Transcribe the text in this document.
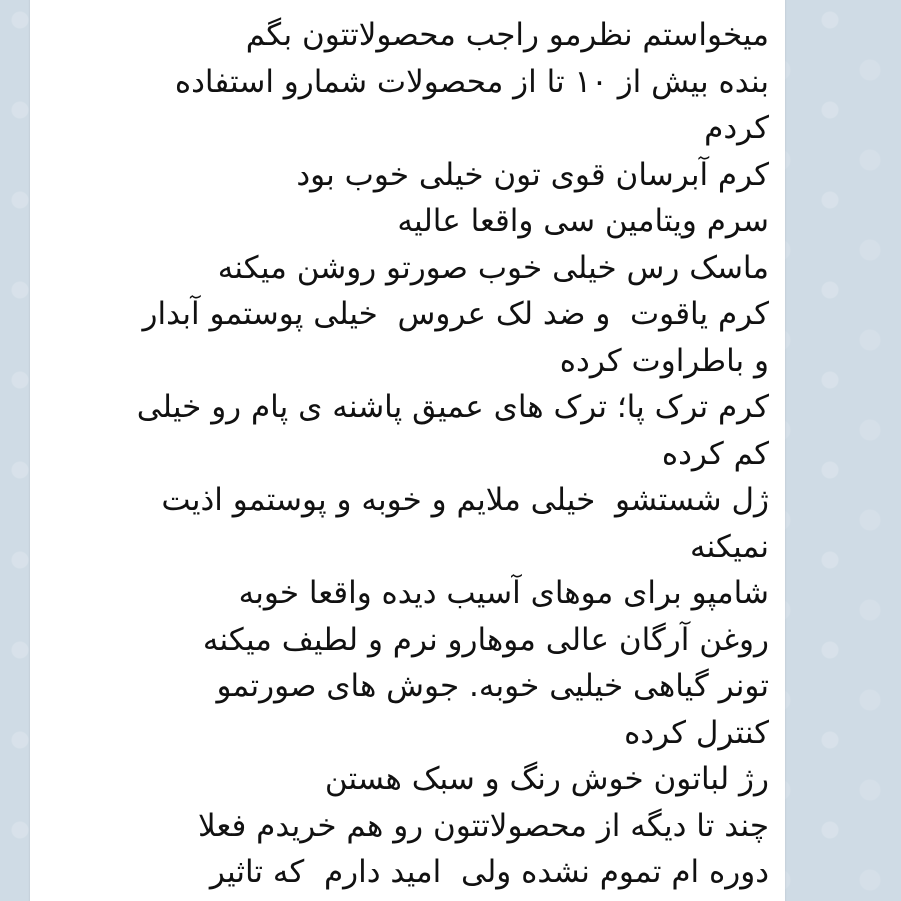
میخواستم نظرمو راجب محصولاتتون بگم
بنده بیش از ۱۰ تا از محصولات شمارو استفاده
کردم
کرم آبرسان قوی تون خیلی خوب بود
سرم ویتامین سی واقعا عالیه
ماسک رس خیلی خوب صورتو روشن میکنه
کرم یاقوت  و ضد لک عروس  خیلی پوستمو آبدار
و باطراوت کرده
کرم ترک پا؛ ترک های عمیق پاشنه ی پام رو خیلی
کم کرده
ژل شستشو  خیلی ملایم و خوبه و پوستمو اذیت
نمیکنه
شامپو برای موهای آسیب دیده واقعا خوبه
روغن آرگان عالی موهارو نرم و لطیف میکنه
تونر گیاهی خیلیی خوبه. جوش های صورتمو
کنترل کرده
رژ لباتون خوش رنگ و سبک هستن
چند تا دیگه از محصولاتتون رو هم خریدم فعلا
دوره ام تموم نشده ولی  امید دارم  که تاثیر
